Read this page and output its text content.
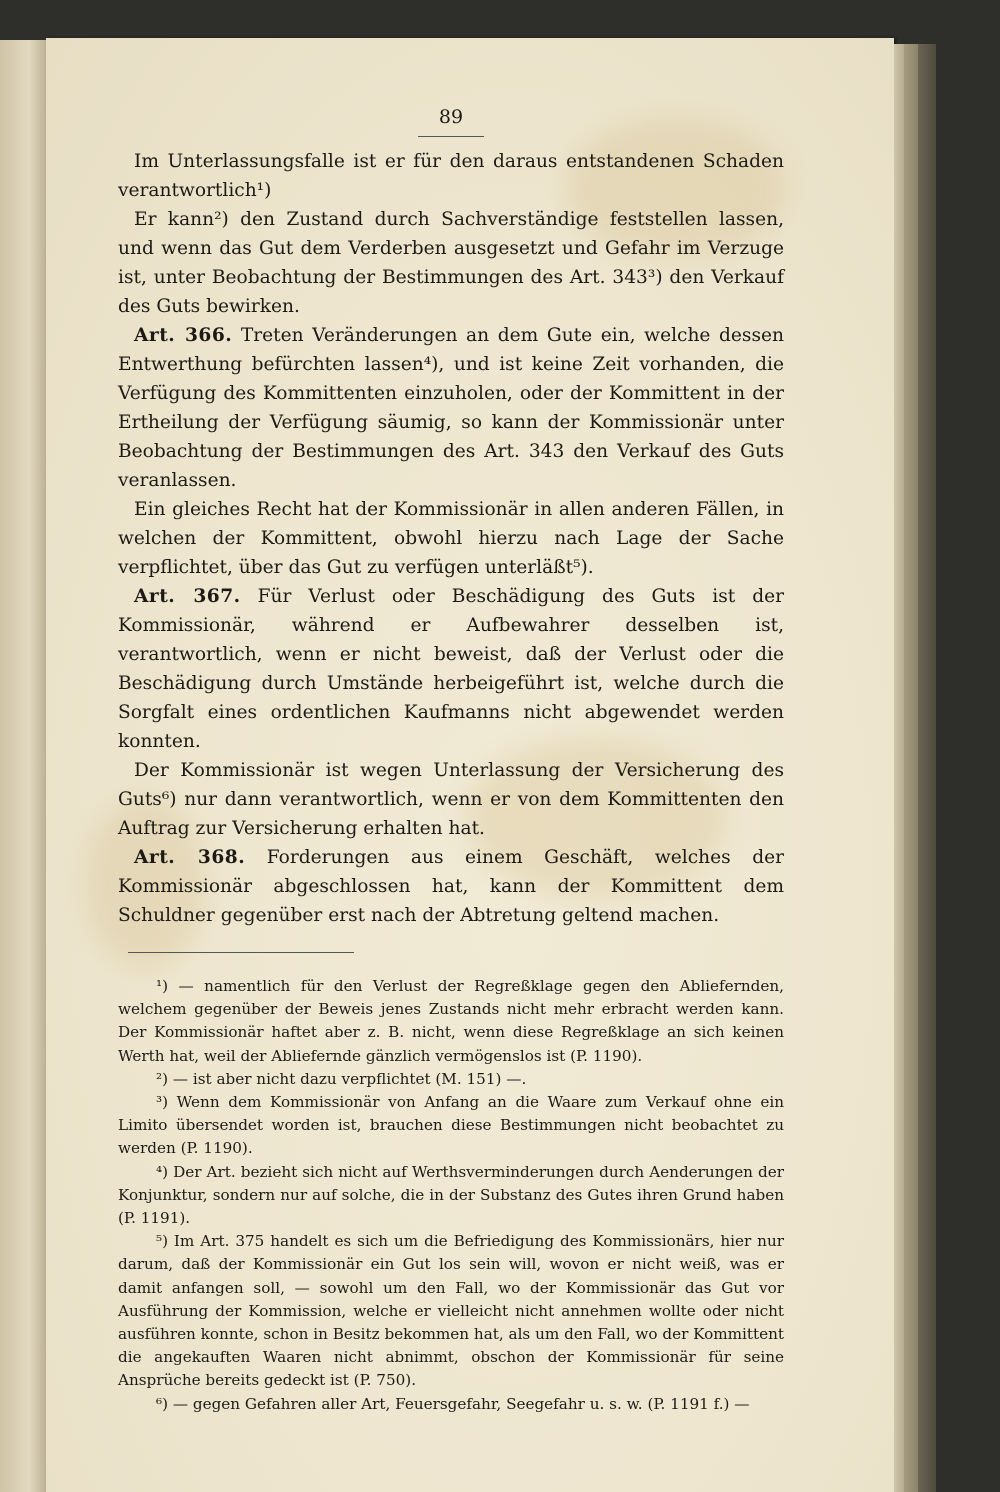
89

Im Unterlassungsfalle ist er für den daraus entstandenen Schaden verantwortlich¹)

Er kann²) den Zustand durch Sachverständige feststellen lassen, und wenn das Gut dem Verderben ausgesetzt und Gefahr im Verzuge ist, unter Beobachtung der Bestimmungen des Art. 343³) den Verkauf des Guts bewirken.

Art. 366. Treten Veränderungen an dem Gute ein, welche dessen Entwerthung befürchten lassen⁴), und ist keine Zeit vorhanden, die Verfügung des Kommittenten einzuholen, oder der Kommittent in der Ertheilung der Verfügung säumig, so kann der Kommissionär unter Beobachtung der Bestimmungen des Art. 343 den Verkauf des Guts veranlassen.

Ein gleiches Recht hat der Kommissionär in allen anderen Fällen, in welchen der Kommittent, obwohl hierzu nach Lage der Sache verpflichtet, über das Gut zu verfügen unterläßt⁵).

Art. 367. Für Verlust oder Beschädigung des Guts ist der Kommissionär, während er Aufbewahrer desselben ist, verantwortlich, wenn er nicht beweist, daß der Verlust oder die Beschädigung durch Umstände herbeigeführt ist, welche durch die Sorgfalt eines ordentlichen Kaufmanns nicht abgewendet werden konnten.

Der Kommissionär ist wegen Unterlassung der Versicherung des Guts⁶) nur dann verantwortlich, wenn er von dem Kommittenten den Auftrag zur Versicherung erhalten hat.

Art. 368. Forderungen aus einem Geschäft, welches der Kommissionär abgeschlossen hat, kann der Kommittent dem Schuldner gegenüber erst nach der Abtretung geltend machen.

¹) — namentlich für den Verlust der Regreßklage gegen den Abliefernden, welchem gegenüber der Beweis jenes Zustands nicht mehr erbracht werden kann. Der Kommissionär haftet aber z. B. nicht, wenn diese Regreßklage an sich keinen Werth hat, weil der Abliefernde gänzlich vermögenslos ist (P. 1190).

²) — ist aber nicht dazu verpflichtet (M. 151) —.

³) Wenn dem Kommissionär von Anfang an die Waare zum Verkauf ohne ein Limito übersendet worden ist, brauchen diese Bestimmungen nicht beobachtet zu werden (P. 1190).

⁴) Der Art. bezieht sich nicht auf Werthsverminderungen durch Aenderungen der Konjunktur, sondern nur auf solche, die in der Substanz des Gutes ihren Grund haben (P. 1191).

⁵) Im Art. 375 handelt es sich um die Befriedigung des Kommissionärs, hier nur darum, daß der Kommissionär ein Gut los sein will, wovon er nicht weiß, was er damit anfangen soll, — sowohl um den Fall, wo der Kommissionär das Gut vor Ausführung der Kommission, welche er vielleicht nicht annehmen wollte oder nicht ausführen konnte, schon in Besitz bekommen hat, als um den Fall, wo der Kommittent die angekauften Waaren nicht abnimmt, obschon der Kommissionär für seine Ansprüche bereits gedeckt ist (P. 750).

⁶) — gegen Gefahren aller Art, Feuersgefahr, Seegefahr u. s. w. (P. 1191 f.) —
